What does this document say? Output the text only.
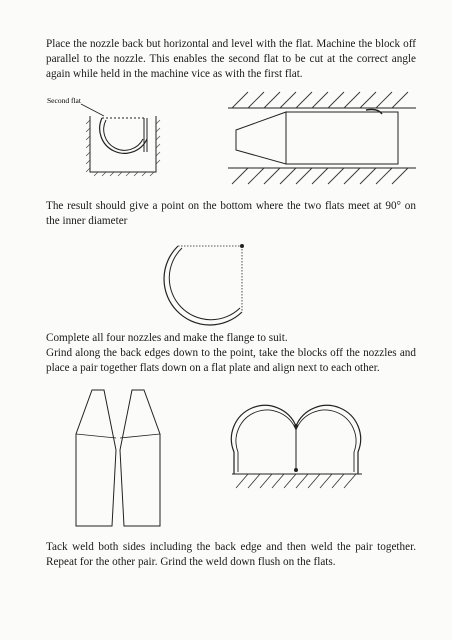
Place the nozzle back but horizontal and level with the flat. Machine the block off parallel to the nozzle. This enables the second flat to be cut at the correct angle again while held in the machine vice as with the first flat.

Second flat

The result should give a point on the bottom where the two flats meet at 90° on the inner diameter

Complete all four nozzles and make the flange to suit.

Grind along the back edges down to the point, take the blocks off the nozzles and place a pair together flats down on a flat plate and align next to each other.

Tack weld both sides including the back edge and then weld the pair together. Repeat for the other pair. Grind the weld down flush on the flats.
